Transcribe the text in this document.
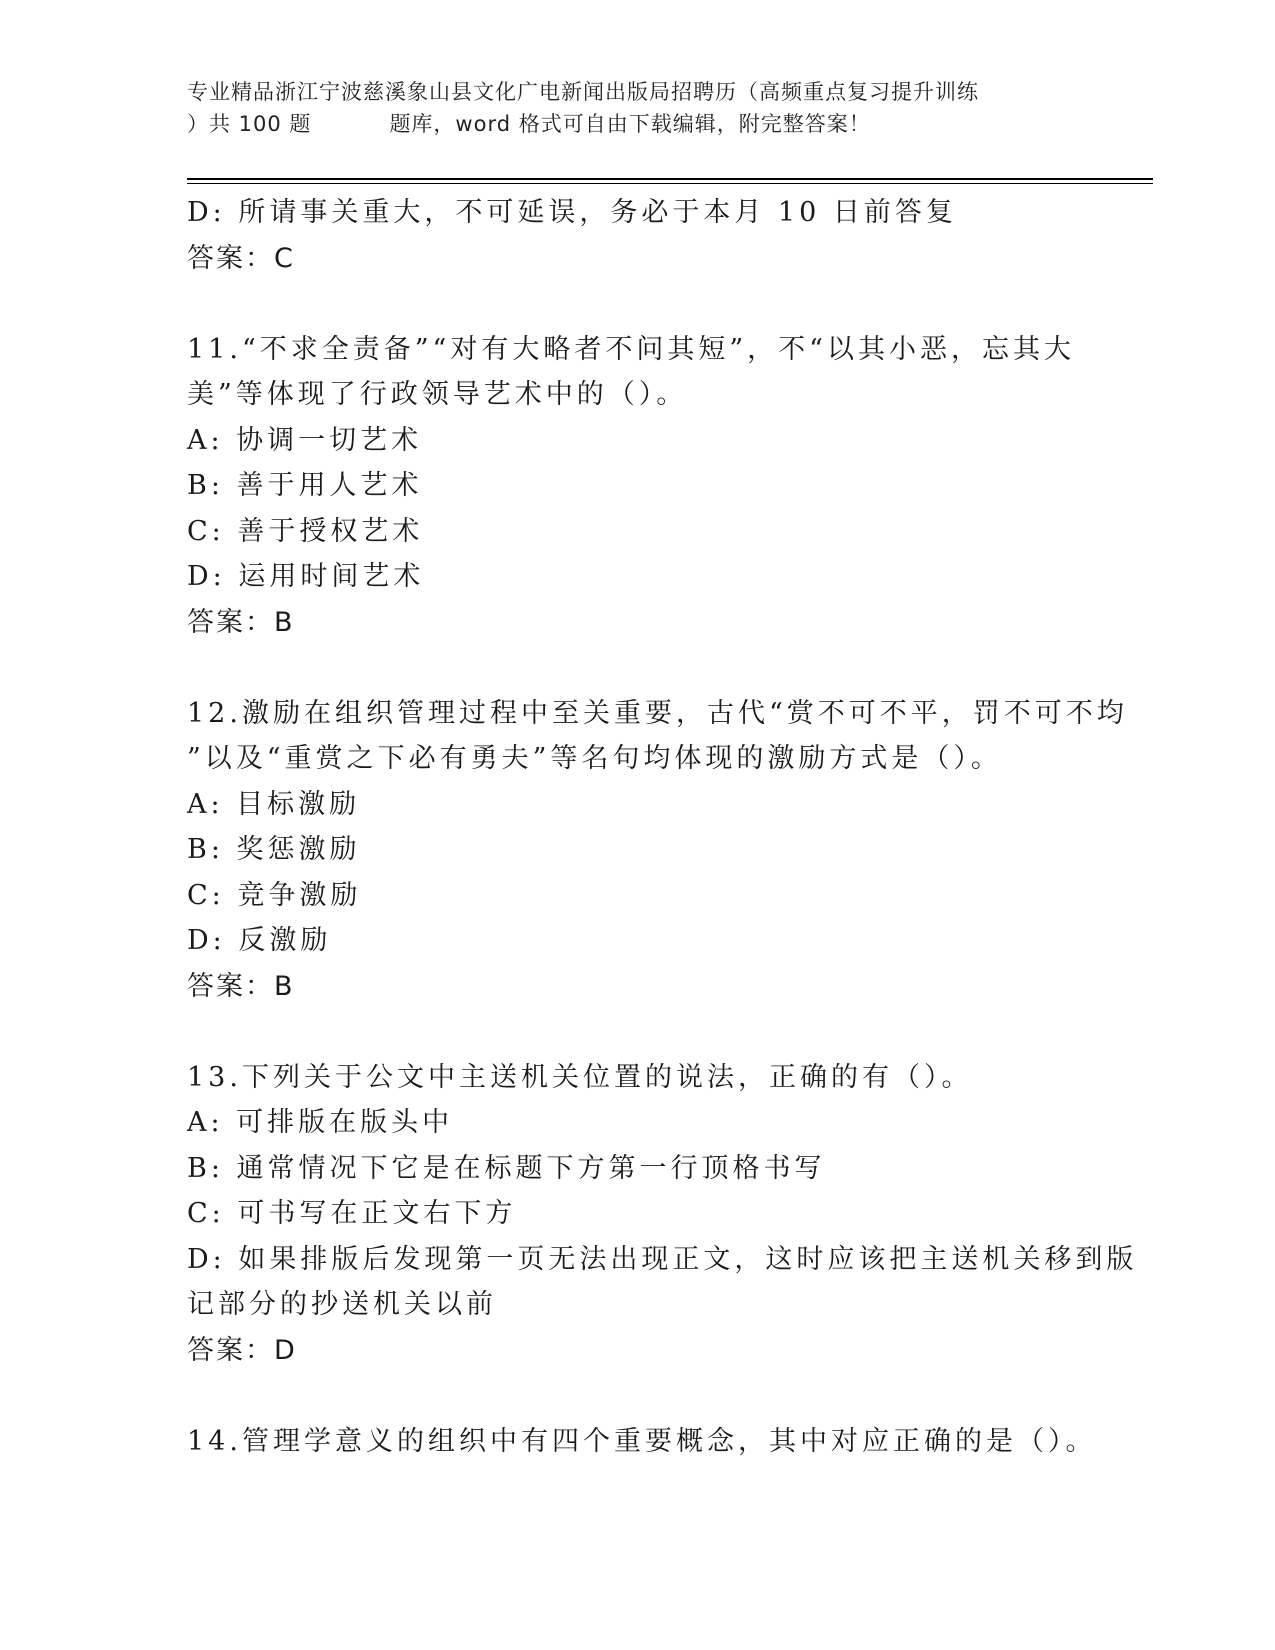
专业精品浙江宁波慈溪象山县文化广电新闻出版局招聘历（高频重点复习提升训练
）共 100 题	题库，word 格式可自由下载编辑，附完整答案！
D: 所请事关重大，不可延误，务必于本月 10 日前答复
答案：C
11.“不求全责备”“对有大略者不问其短”，不“以其小恶，忘其大
美”等体现了行政领导艺术中的（）。
A: 协调一切艺术
B: 善于用人艺术
C: 善于授权艺术
D: 运用时间艺术
答案：B
12.激励在组织管理过程中至关重要，古代“赏不可不平，罚不可不均
”以及“重赏之下必有勇夫”等名句均体现的激励方式是（）。
A: 目标激励
B: 奖惩激励
C: 竞争激励
D: 反激励
答案：B
13.下列关于公文中主送机关位置的说法，正确的有（）。
A: 可排版在版头中
B: 通常情况下它是在标题下方第一行顶格书写
C: 可书写在正文右下方
D: 如果排版后发现第一页无法出现正文，这时应该把主送机关移到版
记部分的抄送机关以前
答案：D
14.管理学意义的组织中有四个重要概念，其中对应正确的是（）。
